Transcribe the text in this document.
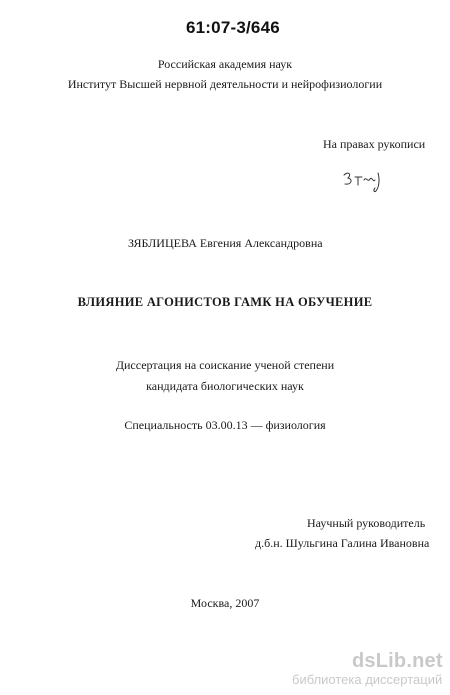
61:07-3/646
Российская академия наук
Институт Высшей нервной деятельности и нейрофизиологии
На правах рукописи
ЗЯБЛИЦЕВА Евгения Александровна
ВЛИЯНИЕ АГОНИСТОВ ГАМК НА ОБУЧЕНИЕ
Диссертация на соискание ученой степени
кандидата биологических наук
Специальность 03.00.13 — физиология
Научный руководитель
д.б.н. Шульгина Галина Ивановна
Москва, 2007
dsLib.net
библиотека диссертаций
